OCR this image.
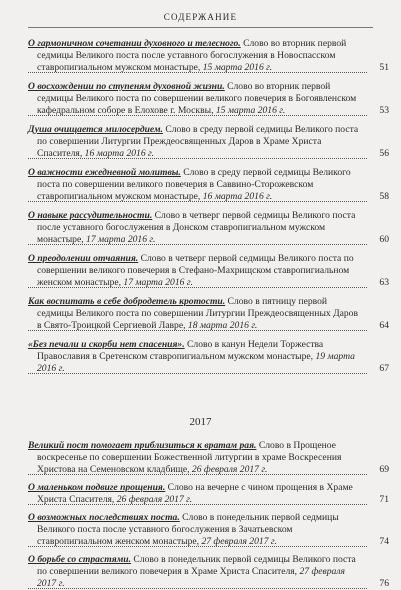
СОДЕРЖАНИЕ
О гармоничном сочетании духовного и телесного. Слово во вторник первой седмицы Великого поста после уставного богослужения в Новоспасском ставропигиальном мужском монастыре, 15 марта 2016 г.	51
О восхождении по ступеням духовной жизни. Слово во вторник первой седмицы Великого поста по совершении великого повечерия в Богоявленском кафедральном соборе в Елохове г. Москвы, 15 марта 2016 г.	53
Душа очищается милосердием. Слово в среду первой седмицы Великого поста по совершении Литургии Преждеосвященных Даров в Храме Христа Спасителя, 16 марта 2016 г.	56
О важности ежедневной молитвы. Слово в среду первой седмицы Великого поста по совершении великого повечерия в Саввино-Сторожевском ставропигиальном мужском монастыре, 16 марта 2016 г.	58
О навыке рассудительности. Слово в четверг первой седмицы Великого поста после уставного богослужения в Донском ставропигиальном мужском монастыре, 17 марта 2016 г.	60
О преодолении отчаяния. Слово в четверг первой седмицы Великого поста по совершении великого повечерия в Стефано-Махрищском ставропигиальном женском монастыре, 17 марта 2016 г.	63
Как воспитать в себе добродетель кротости. Слово в пятницу первой седмицы Великого поста по совершении Литургии Преждеосвященных Даров в Свято-Троицкой Сергиевой Лавре, 18 марта 2016 г.	64
«Без печали и скорби нет спасения». Слово в канун Недели Торжества Православия в Сретенском ставропигиальном мужском монастыре, 19 марта 2016 г.	67
2017
Великий пост помогает приблизиться к вратам рая. Слово в Прощеное воскресенье по совершении Божественной литургии в храме Воскресения Христова на Семеновском кладбище, 26 февраля 2017 г.	69
О маленьком подвиге прощения. Слово на вечерне с чином прощения в Храме Христа Спасителя, 26 февраля 2017 г.	71
О возможных последствиях поста. Слово в понедельник первой седмицы Великого поста после уставного богослужения в Зачатьевском ставропигиальном женском монастыре, 27 февраля 2017 г.	74
О борьбе со страстями. Слово в понедельник первой седмицы Великого поста по совершении великого повечерия в Храме Христа Спасителя, 27 февраля 2017 г.	76
